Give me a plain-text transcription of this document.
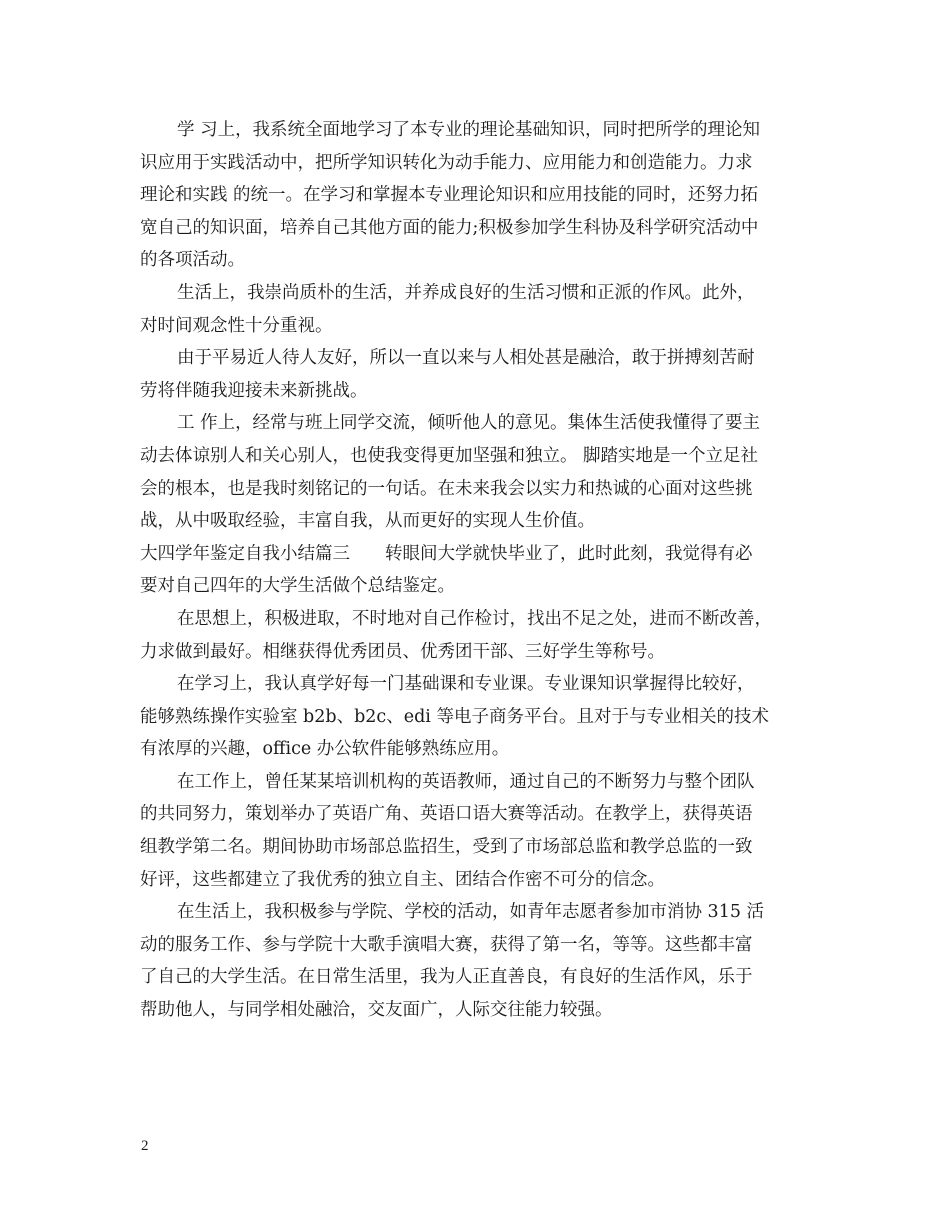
学 习上，我系统全面地学习了本专业的理论基础知识，同时把所学的理论知
识应用于实践活动中，把所学知识转化为动手能力、应用能力和创造能力。力求
理论和实践 的统一。在学习和掌握本专业理论知识和应用技能的同时，还努力拓
宽自己的知识面，培养自己其他方面的能力;积极参加学生科协及科学研究活动中
的各项活动。
生活上，我崇尚质朴的生活，并养成良好的生活习惯和正派的作风。此外，
对时间观念性十分重视。
由于平易近人待人友好，所以一直以来与人相处甚是融洽，敢于拼搏刻苦耐
劳将伴随我迎接未来新挑战。
工 作上，经常与班上同学交流，倾听他人的意见。集体生活使我懂得了要主
动去体谅别人和关心别人，也使我变得更加坚强和独立。 脚踏实地是一个立足社
会的根本，也是我时刻铭记的一句话。在未来我会以实力和热诚的心面对这些挑
战，从中吸取经验，丰富自我，从而更好的实现人生价值。
大四学年鉴定自我小结篇三　　转眼间大学就快毕业了，此时此刻，我觉得有必
要对自己四年的大学生活做个总结鉴定。
在思想上，积极进取，不时地对自己作检讨，找出不足之处，进而不断改善，
力求做到最好。相继获得优秀团员、优秀团干部、三好学生等称号。
在学习上，我认真学好每一门基础课和专业课。专业课知识掌握得比较好，
能够熟练操作实验室 b2b、b2c、edi 等电子商务平台。且对于与专业相关的技术
有浓厚的兴趣，office 办公软件能够熟练应用。
在工作上，曾任某某培训机构的英语教师，通过自己的不断努力与整个团队
的共同努力，策划举办了英语广角、英语口语大赛等活动。在教学上，获得英语
组教学第二名。期间协助市场部总监招生，受到了市场部总监和教学总监的一致
好评，这些都建立了我优秀的独立自主、团结合作密不可分的信念。
在生活上，我积极参与学院、学校的活动，如青年志愿者参加市消协 315 活
动的服务工作、参与学院十大歌手演唱大赛，获得了第一名，等等。这些都丰富
了自己的大学生活。在日常生活里，我为人正直善良，有良好的生活作风，乐于
帮助他人，与同学相处融洽，交友面广，人际交往能力较强。
2
